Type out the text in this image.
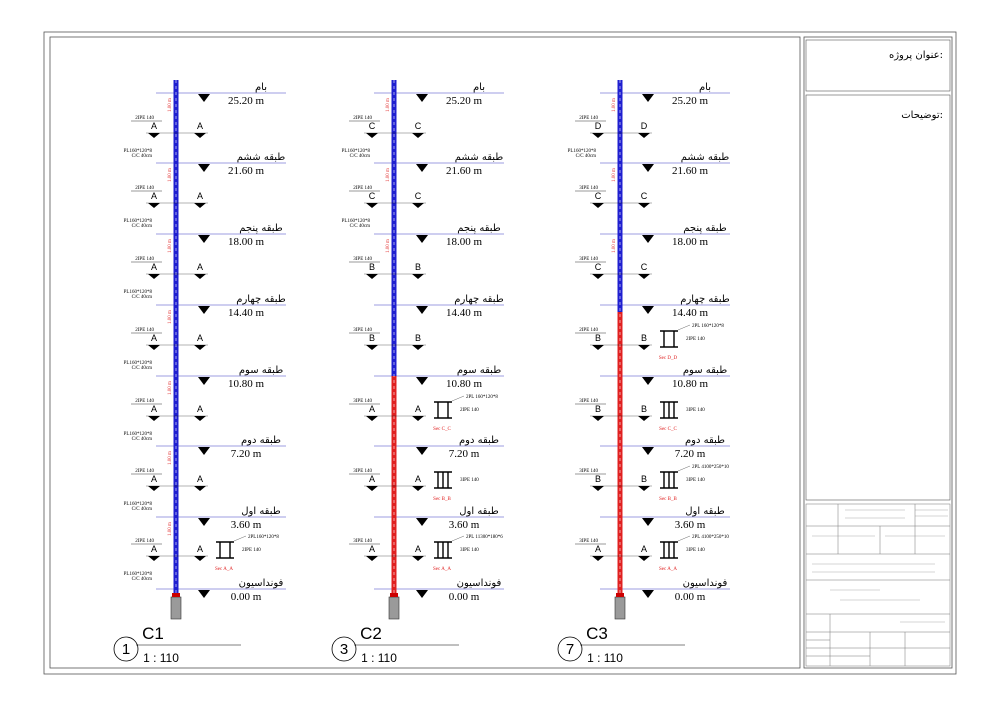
عنوان پروژه:
توضیحات:
بام
25.20 m
طبقه ششم
21.60 m
طبقه پنجم
18.00 m
طبقه چهارم
14.40 m
طبقه سوم
10.80 m
طبقه دوم
7.20 m
طبقه اول
3.60 m
فونداسیون
0.00 m
1.00 m
1.00 m
1.00 m
1.00 m
1.00 m
1.00 m
1.00 m
2IPE 140
A	A
PL160*120*8
C/C 40cm
2IPE 140
A	A
PL160*120*8
C/C 40cm
2IPE 140
A	A
PL160*120*8
C/C 40cm
2IPE 140
A	A
PL160*120*8
C/C 40cm
2IPE 140
A	A
PL160*120*8
C/C 40cm
2IPE 140
A	A
PL160*120*8
C/C 40cm
2IPE 140
A	A
PL160*120*8
C/C 40cm
2PL160*120*8
2IPE 140
Sec A_A
1
C1
1 : 110
بام
25.20 m
طبقه ششم
21.60 m
طبقه پنجم
18.00 m
طبقه چهارم
14.40 m
طبقه سوم
10.80 m
طبقه دوم
7.20 m
طبقه اول
3.60 m
فونداسیون
0.00 m
1.00 m
1.00 m
1.00 m
2IPE 140
C	C
PL160*120*8
C/C 40cm
2IPE 140
C	C
PL160*120*8
C/C 40cm
3IPE 140
B	B
3IPE 140
B	B
3IPE 140
A	A
3IPE 140
A	A
3IPE 140
A	A
2PL 160*120*8
2IPE 140
Sec C_C
3IPE 140
Sec B_B
2PL 11300*180*6
3IPE 140
Sec A_A
3
C2
1 : 110
بام
25.20 m
طبقه ششم
21.60 m
طبقه پنجم
18.00 m
طبقه چهارم
14.40 m
طبقه سوم
10.80 m
طبقه دوم
7.20 m
طبقه اول
3.60 m
فونداسیون
0.00 m
1.00 m
1.00 m
1.00 m
2IPE 140
D	D
PL160*120*8
C/C 40cm
3IPE 140
C	C
3IPE 140
C	C
2IPE 140
B	B
3IPE 140
B	B
3IPE 140
B	B
3IPE 140
A	A
2PL 160*120*8
2IPE 140
Sec D_D
3IPE 140
Sec C_C
2PL 4100*250*10
3IPE 140
Sec B_B
2PL 4100*250*10
3IPE 140
Sec A_A
7
C3
1 : 110
